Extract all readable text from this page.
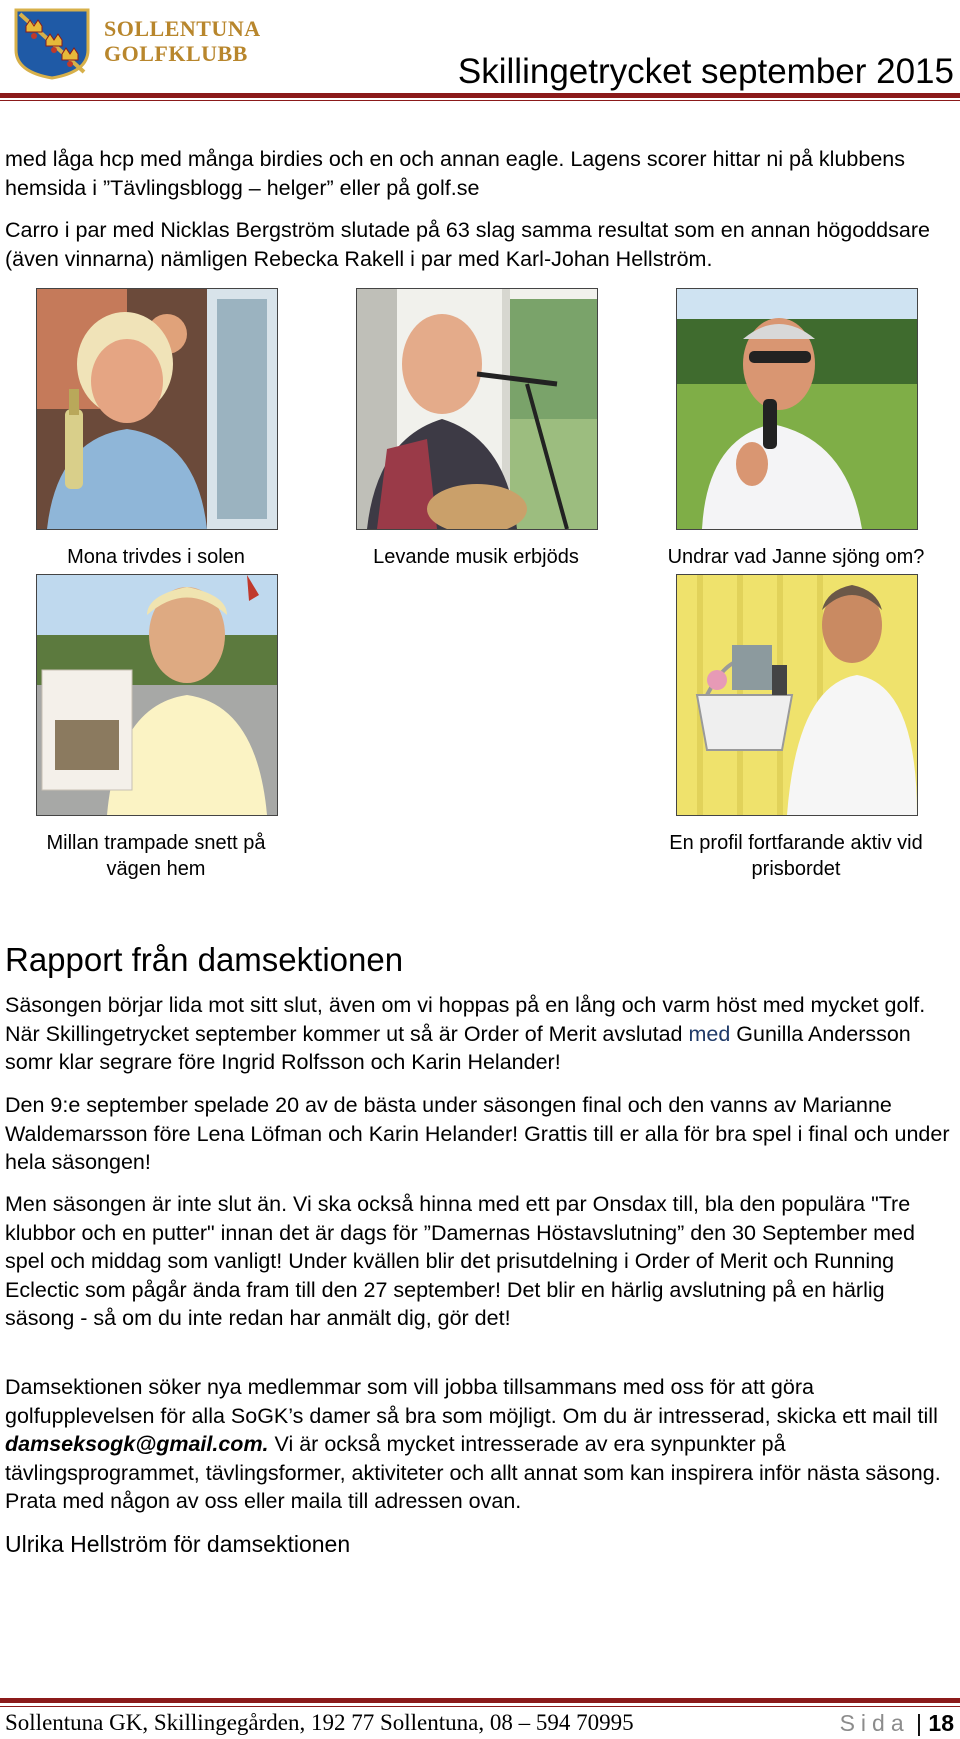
SOLLENTUNA
GOLFKLUBB	Skillingetrycket september 2015

med låga hcp med många birdies och en och annan eagle. Lagens scorer hittar ni på klubbens hemsida i ”Tävlingsblogg – helger” eller på golf.se

Carro i par med Nicklas Bergström slutade på 63 slag samma resultat som en annan högoddsare (även vinnarna) nämligen Rebecka Rakell i par med Karl-Johan Hellström.

Mona trivdes i solen	Levande musik erbjöds	Undrar vad Janne sjöng om?
Millan trampade snett på
vägen hem
En profil fortfarande aktiv vid
prisbordet
Rapport från damsektionen

Säsongen börjar lida mot sitt slut, även om vi hoppas på en lång och varm höst med mycket golf. När Skillingetrycket september kommer ut så är Order of Merit avslutad med Gunilla Andersson somr klar segrare före Ingrid Rolfsson och Karin Helander!

Den 9:e september spelade 20 av de bästa under säsongen final och den vanns av Marianne Waldemarsson före Lena Löfman och Karin Helander! Grattis till er alla för bra spel i final och under hela säsongen!

Men säsongen är inte slut än. Vi ska också hinna med ett par Onsdax till, bla den populära "Tre klubbor och en putter" innan det är dags för ”Damernas Höstavslutning” den 30 September med spel och middag som vanligt! Under kvällen blir det prisutdelning i Order of Merit och Running Eclectic som pågår ända fram till den 27 september! Det blir en härlig avslutning på en härlig säsong - så om du inte redan har anmält dig, gör det!

Damsektionen söker nya medlemmar som vill jobba tillsammans med oss för att göra golfupplevelsen för alla SoGK’s damer så bra som möjligt. Om du är intresserad, skicka ett mail till damseksogk@gmail.com. Vi är också mycket intresserade av era synpunkter på tävlingsprogrammet, tävlingsformer, aktiviteter och allt annat som kan inspirera inför nästa säsong. Prata med någon av oss eller maila till adressen ovan.

Ulrika Hellström för damsektionen
Sollentuna GK, Skillingegården, 192 77 Sollentuna, 08 – 594 70995	Sida | 18
